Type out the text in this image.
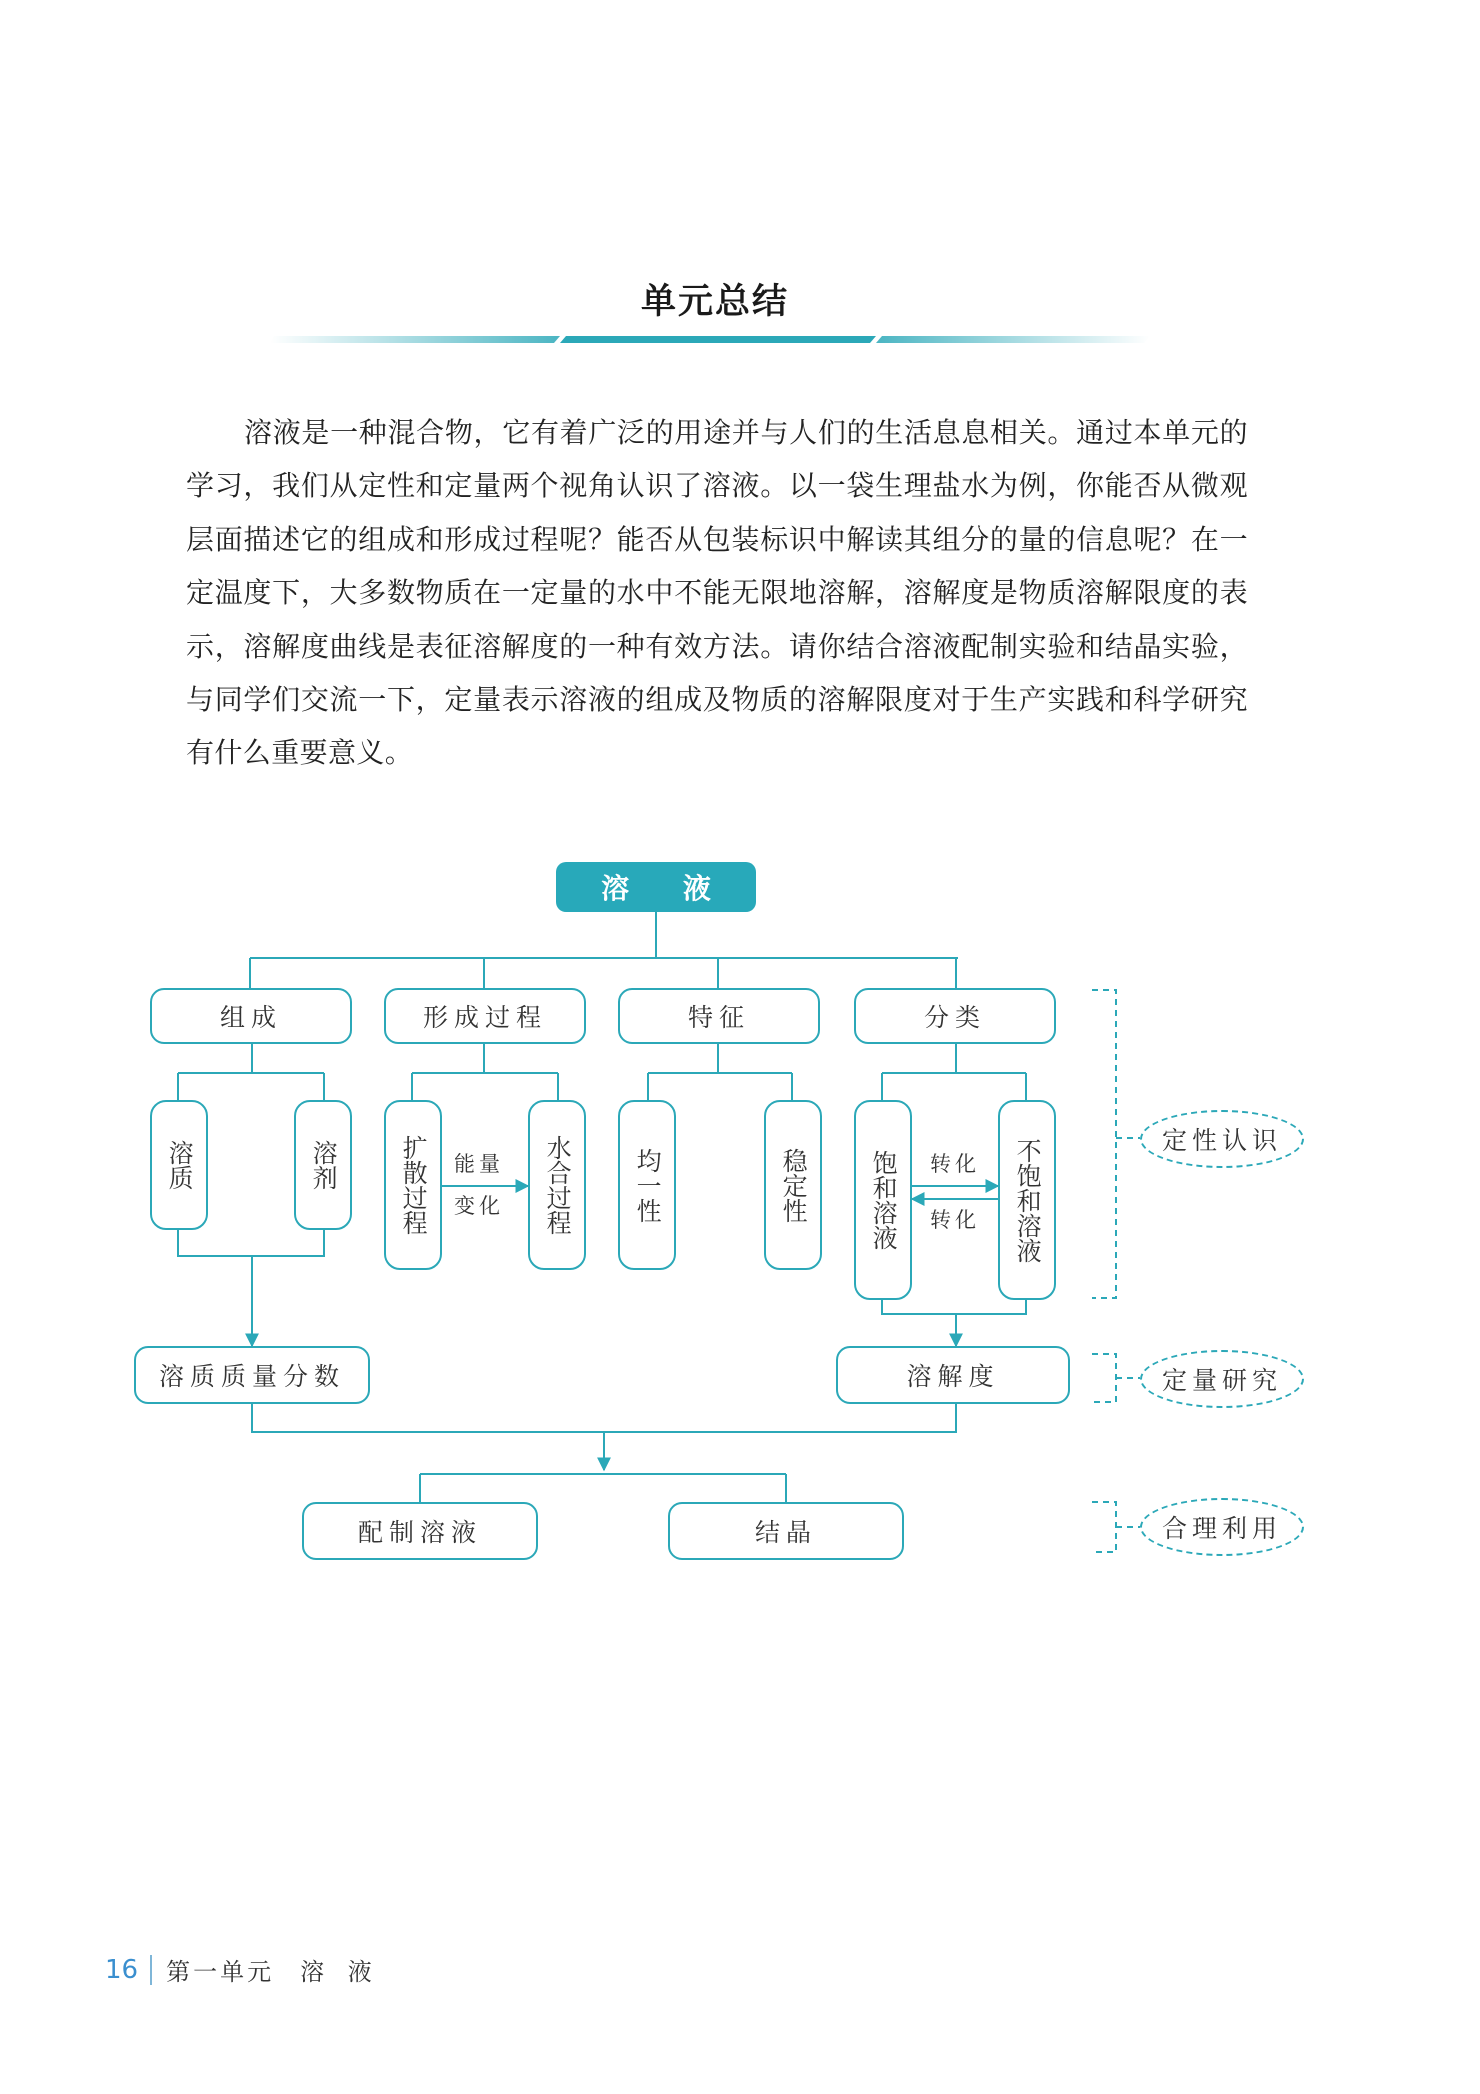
单元总结

溶液是一种混合物，它有着广泛的用途并与人们的生活息息相关。通过本单元的学习，我们从定性和定量两个视角认识了溶液。以一袋生理盐水为例，你能否从微观层面描述它的组成和形成过程呢？能否从包装标识中解读其组分的量的信息呢？在一定温度下，大多数物质在一定量的水中不能无限地溶解，溶解度是物质溶解限度的表示，溶解度曲线是表征溶解度的一种有效方法。请你结合溶液配制实验和结晶实验，与同学们交流一下，定量表示溶液的组成及物质的溶解限度对于生产实践和科学研究有什么重要意义。

溶 液
组成	形成过程	特征	分类
溶质	溶剂	扩散过程	水合过程
能量
变化	均一性	稳定性	饱和溶液	不饱和溶液
转化
转化
溶质质量分数	溶解度
配制溶液	结晶
定性认识
定量研究
合理利用
16 第一单元 溶 液
